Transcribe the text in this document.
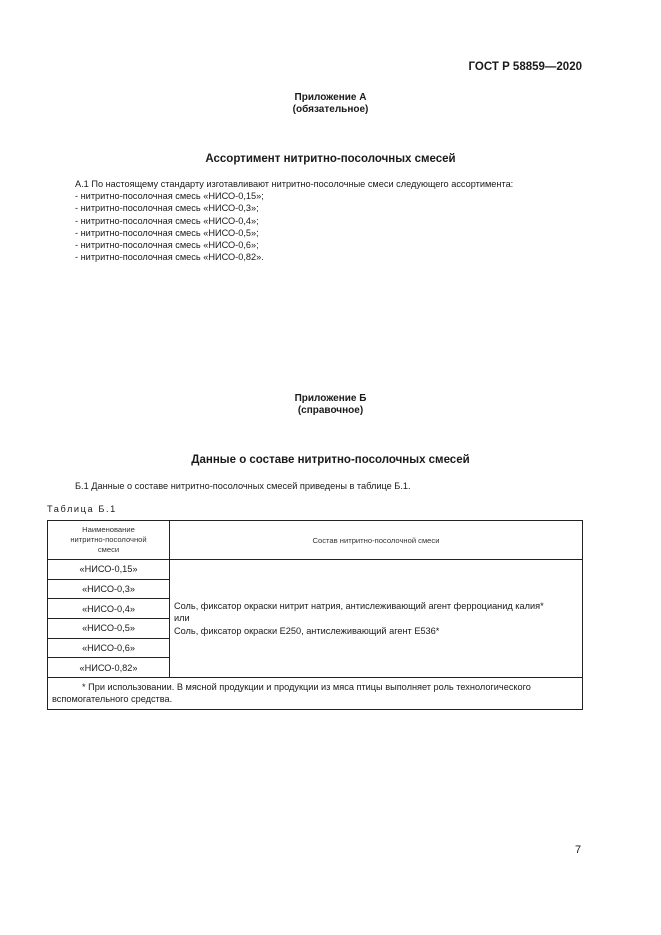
ГОСТ Р 58859—2020
Приложение А
(обязательное)
Ассортимент нитритно-посолочных смесей
А.1 По настоящему стандарту изготавливают нитритно-посолочные смеси следующего ассортимента:
- нитритно-посолочная смесь «НИСО-0,15»;
- нитритно-посолочная смесь «НИСО-0,3»;
- нитритно-посолочная смесь «НИСО-0,4»;
- нитритно-посолочная смесь «НИСО-0,5»;
- нитритно-посолочная смесь «НИСО-0,6»;
- нитритно-посолочная смесь «НИСО-0,82».
Приложение Б
(справочное)
Данные о составе нитритно-посолочных смесей
Б.1 Данные о составе нитритно-посолочных смесей приведены в таблице Б.1.
Таблица Б.1
Наименование
нитритно-посолочной
смеси	Состав нитритно-посолочной смеси
«НИСО-0,15»	Соль, фиксатор окраски нитрит натрия, антислеживающий агент ферроцианид калия*
или
Соль, фиксатор окраски Е250, антислеживающий агент Е536*

«НИСО-0,3»	
«НИСО-0,4»	
«НИСО-0,5»	
«НИСО-0,6»	
«НИСО-0,82»	

* При использовании. В мясной продукции и продукции из мяса птицы выполняет роль технологического
вспомогательного средства.	
7
